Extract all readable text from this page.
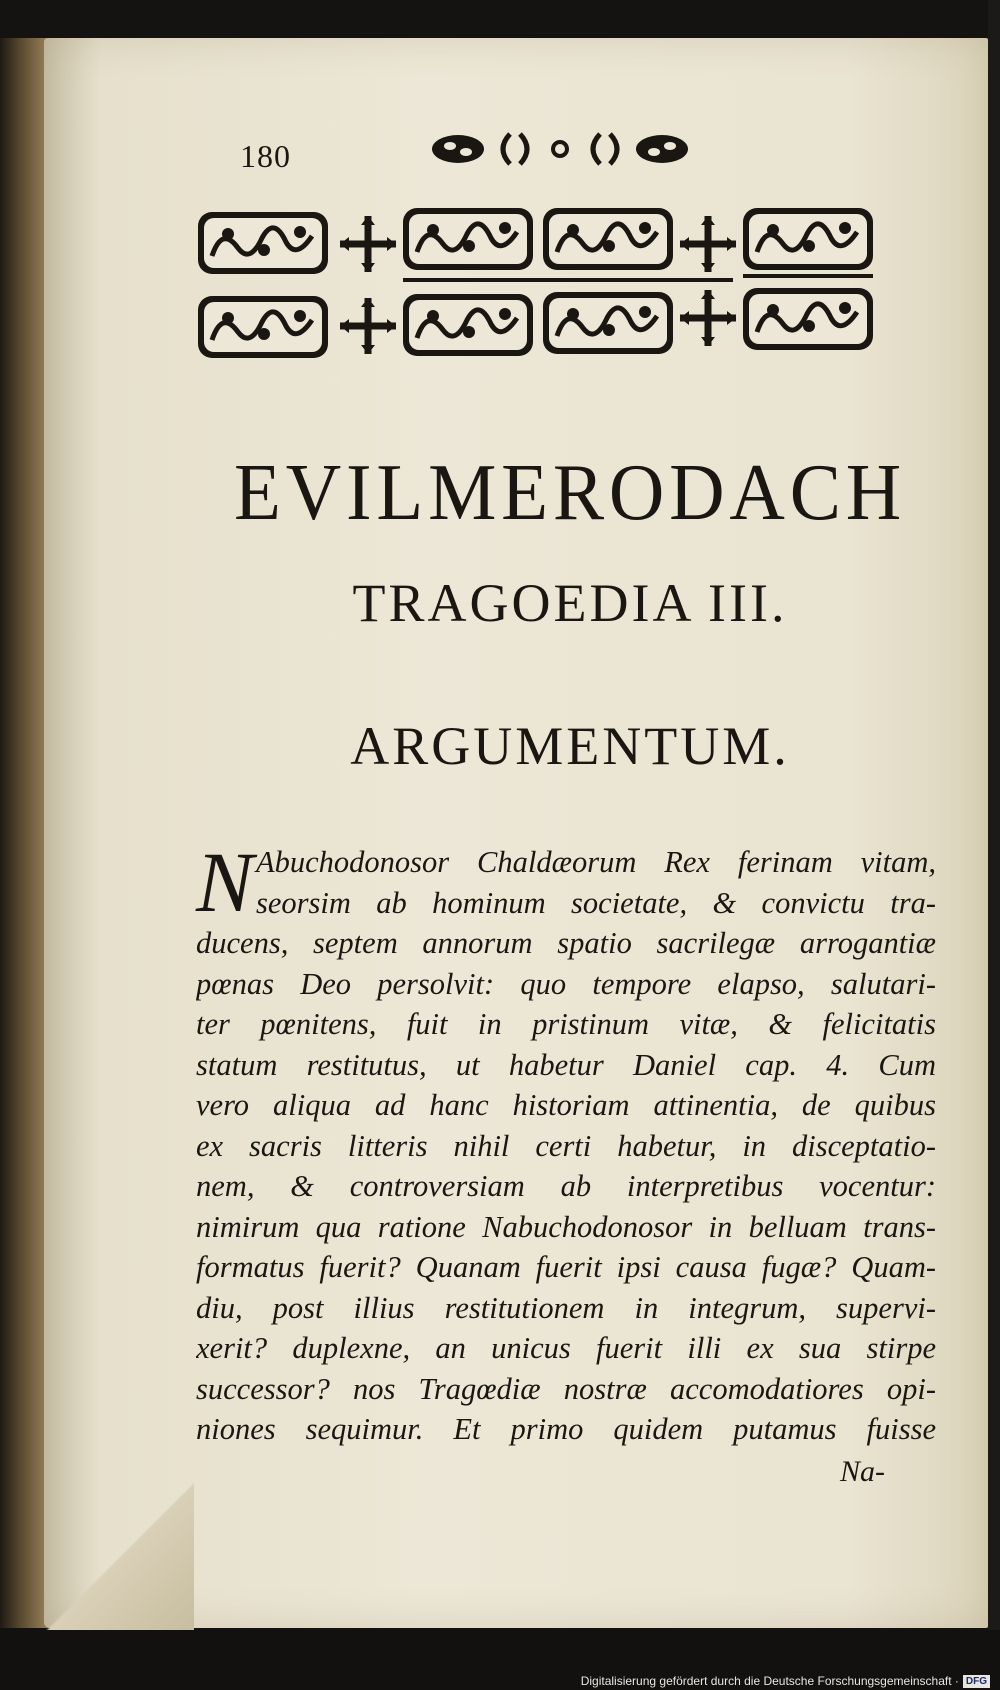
180
EVILMERODACH
TRAGOEDIA III.
ARGUMENTUM.
N Abuchodonosor Chaldæorum Rex ferinam vitam,
seorsim ab hominum societate, & convictu tra-
ducens, septem annorum spatio sacrilegæ arrogantiæ
pœnas Deo persolvit: quo tempore elapso, salutari-
ter pœnitens, fuit in pristinum vitæ, & felicitatis
statum restitutus, ut habetur Daniel cap. 4. Cum
vero aliqua ad hanc historiam attinentia, de quibus
ex sacris litteris nihil certi habetur, in disceptatio-
nem, & controversiam ab interpretibus vocentur:
nimirum qua ratione Nabuchodonosor in belluam trans-
formatus fuerit? Quanam fuerit ipsi causa fugæ? Quam-
diu, post illius restitutionem in integrum, supervi-
xerit? duplexne, an unicus fuerit illi ex sua stirpe
successor? nos Tragœdiæ nostræ accomodatiores opi-
niones sequimur. Et primo quidem putamus fuisse
Na-
Digitalisierung gefördert durch die Deutsche Forschungsgemeinschaft · DFG
